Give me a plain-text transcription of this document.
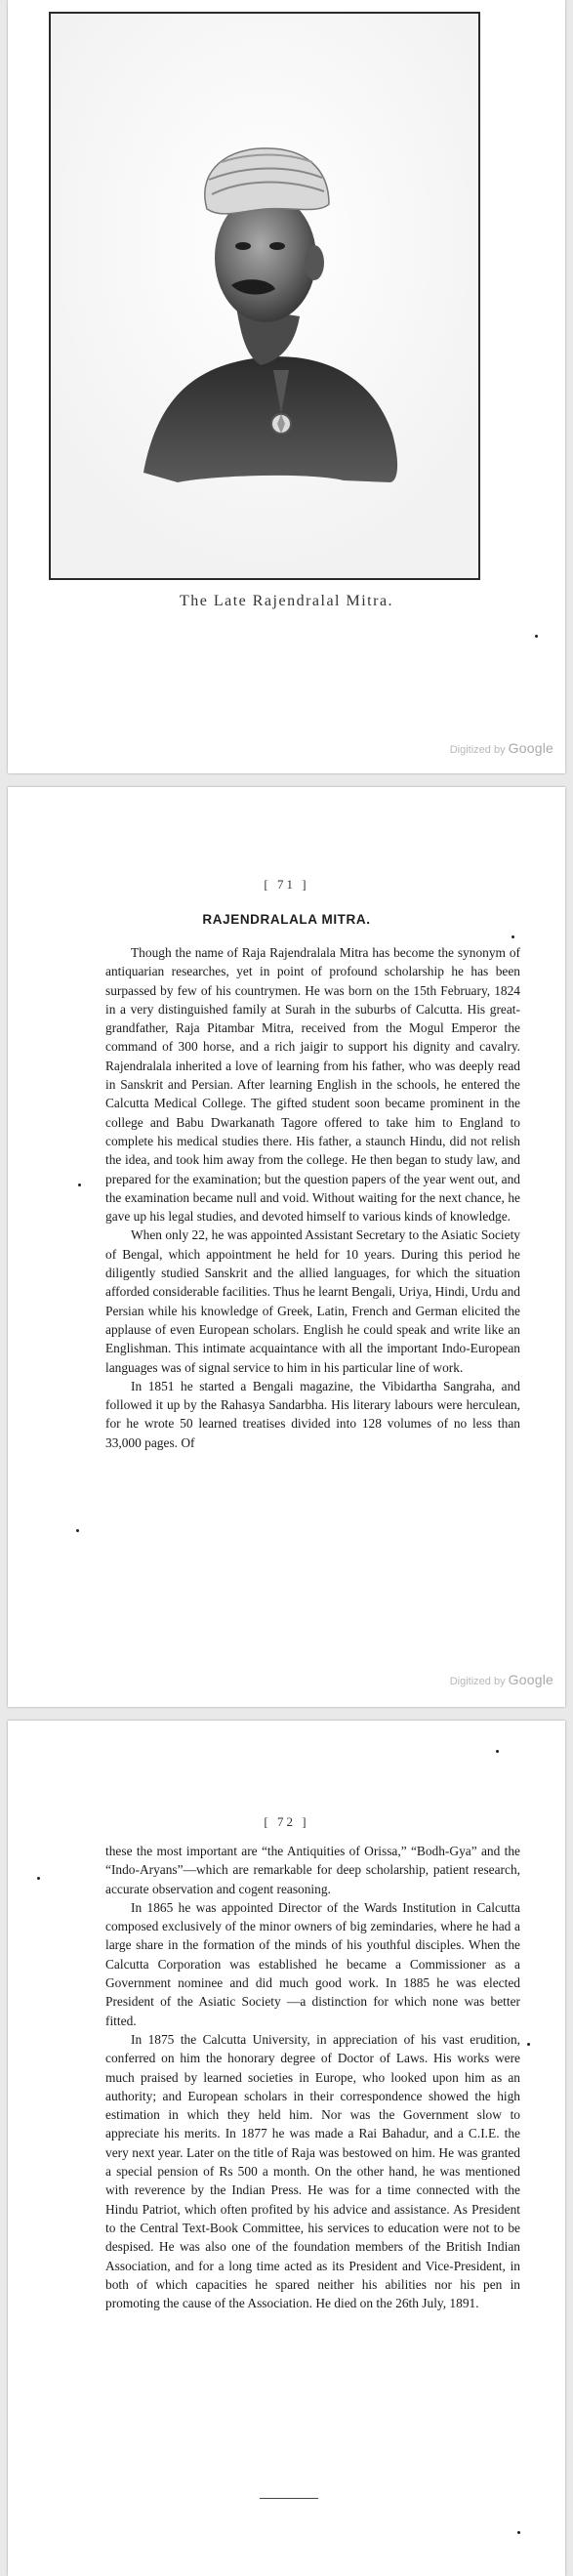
The Late Rajendralal Mitra.
Digitized by Google
[ 71 ]
RAJENDRALALA MITRA.

Though the name of Raja Rajendralala Mitra has become the synonym of antiquarian researches, yet in point of profound scholarship he has been surpassed by few of his countrymen. He was born on the 15th February, 1824 in a very distinguished family at Surah in the suburbs of Calcutta. His great-grandfather, Raja Pitambar Mitra, received from the Mogul Emperor the command of 300 horse, and a rich jaigir to support his dignity and cavalry. Rajendralala inherited a love of learning from his father, who was deeply read in Sanskrit and Persian. After learning English in the schools, he entered the Calcutta Medical College. The gifted student soon became prominent in the college and Babu Dwarkanath Tagore offered to take him to England to complete his medical studies there. His father, a staunch Hindu, did not relish the idea, and took him away from the college. He then began to study law, and prepared for the examination; but the question papers of the year went out, and the examination became null and void. Without waiting for the next chance, he gave up his legal studies, and devoted himself to various kinds of knowledge.

When only 22, he was appointed Assistant Secretary to the Asiatic Society of Bengal, which appointment he held for 10 years. During this period he diligently studied Sanskrit and the allied languages, for which the situation afforded considerable facilities. Thus he learnt Bengali, Uriya, Hindi, Urdu and Persian while his knowledge of Greek, Latin, French and German elicited the applause of even European scholars. English he could speak and write like an Englishman. This intimate acquaintance with all the important Indo-European languages was of signal service to him in his particular line of work.

In 1851 he started a Bengali magazine, the Vibidartha Sangraha, and followed it up by the Rahasya Sandarbha. His literary labours were herculean, for he wrote 50 learned treatises divided into 128 volumes of no less than 33,000 pages. Of

Digitized by Google
[ 72 ]

these the most important are “the Antiquities of Orissa,” “Bodh-Gya” and the “Indo-Aryans”—which are remarkable for deep scholarship, patient research, accurate observation and cogent reasoning.

In 1865 he was appointed Director of the Wards Institution in Calcutta composed exclusively of the minor owners of big zemindaries, where he had a large share in the formation of the minds of his youthful disciples. When the Calcutta Corporation was established he became a Commissioner as a Government nominee and did much good work. In 1885 he was elected President of the Asiatic Society —a distinction for which none was better fitted.

In 1875 the Calcutta University, in appreciation of his vast erudition, conferred on him the honorary degree of Doctor of Laws. His works were much praised by learned societies in Europe, who looked upon him as an authority; and European scholars in their correspondence showed the high estimation in which they held him. Nor was the Government slow to appreciate his merits. In 1877 he was made a Rai Bahadur, and a C.I.E. the very next year. Later on the title of Raja was bestowed on him. He was granted a special pension of Rs 500 a month. On the other hand, he was mentioned with reverence by the Indian Press. He was for a time connected with the Hindu Patriot, which often profited by his advice and assistance. As President to the Central Text-Book Committee, his services to education were not to be despised. He was also one of the foundation members of the British Indian Association, and for a long time acted as its President and Vice-President, in both of which capacities he spared neither his abilities nor his pen in promoting the cause of the Association. He died on the 26th July, 1891.
